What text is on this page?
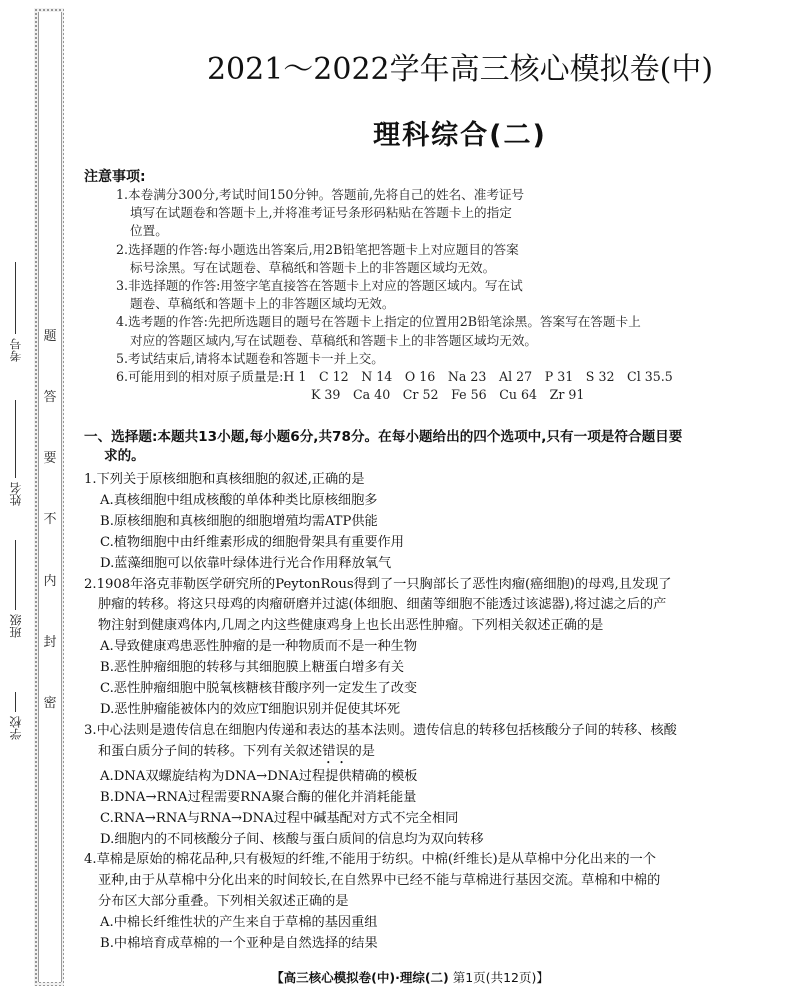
题
答
要
不
内
封
密
学校
班级
姓名
考号
2021～2022学年高三核心模拟卷(中)
理科综合(二)
注意事项:
1.本卷满分300分,考试时间150分钟。答题前,先将自己的姓名、准考证号
填写在试题卷和答题卡上,并将准考证号条形码粘贴在答题卡上的指定
位置。
2.选择题的作答:每小题选出答案后,用2B铅笔把答题卡上对应题目的答案
标号涂黑。写在试题卷、草稿纸和答题卡上的非答题区域均无效。
3.非选择题的作答:用签字笔直接答在答题卡上对应的答题区域内。写在试
题卷、草稿纸和答题卡上的非答题区域均无效。
4.选考题的作答:先把所选题目的题号在答题卡上指定的位置用2B铅笔涂黑。答案写在答题卡上
对应的答题区域内,写在试题卷、草稿纸和答题卡上的非答题区域均无效。
5.考试结束后,请将本试题卷和答题卡一并上交。
6.可能用到的相对原子质量是:H 1　C 12　N 14　O 16　Na 23　Al 27　P 31　S 32　Cl 35.5
K 39　Ca 40　Cr 52　Fe 56　Cu 64　Zr 91
一、选择题:本题共13小题,每小题6分,共78分。在每小题给出的四个选项中,只有一项是符合题目要
求的。
1.下列关于原核细胞和真核细胞的叙述,正确的是
A.真核细胞中组成核酸的单体种类比原核细胞多
B.原核细胞和真核细胞的细胞增殖均需ATP供能
C.植物细胞中由纤维素形成的细胞骨架具有重要作用
D.蓝藻细胞可以依靠叶绿体进行光合作用释放氧气
2.1908年洛克菲勒医学研究所的PeytonRous得到了一只胸部长了恶性肉瘤(癌细胞)的母鸡,且发现了
肿瘤的转移。将这只母鸡的肉瘤研磨并过滤(体细胞、细菌等细胞不能透过该滤器),将过滤之后的产
物注射到健康鸡体内,几周之内这些健康鸡身上也长出恶性肿瘤。下列相关叙述正确的是
A.导致健康鸡患恶性肿瘤的是一种物质而不是一种生物
B.恶性肿瘤细胞的转移与其细胞膜上糖蛋白增多有关
C.恶性肿瘤细胞中脱氧核糖核苷酸序列一定发生了改变
D.恶性肿瘤能被体内的效应T细胞识别并促使其坏死
3.中心法则是遗传信息在细胞内传递和表达的基本法则。遗传信息的转移包括核酸分子间的转移、核酸
和蛋白质分子间的转移。下列有关叙述错误的是
A.DNA双螺旋结构为DNA→DNA过程提供精确的模板
B.DNA→RNA过程需要RNA聚合酶的催化并消耗能量
C.RNA→RNA与RNA→DNA过程中碱基配对方式不完全相同
D.细胞内的不同核酸分子间、核酸与蛋白质间的信息均为双向转移
4.草棉是原始的棉花品种,只有极短的纤维,不能用于纺织。中棉(纤维长)是从草棉中分化出来的一个
亚种,由于从草棉中分化出来的时间较长,在自然界中已经不能与草棉进行基因交流。草棉和中棉的
分布区大部分重叠。下列相关叙述正确的是
A.中棉长纤维性状的产生来自于草棉的基因重组
B.中棉培育成草棉的一个亚种是自然选择的结果
【高三核心模拟卷(中)·理综(二) 第1页(共12页)】
